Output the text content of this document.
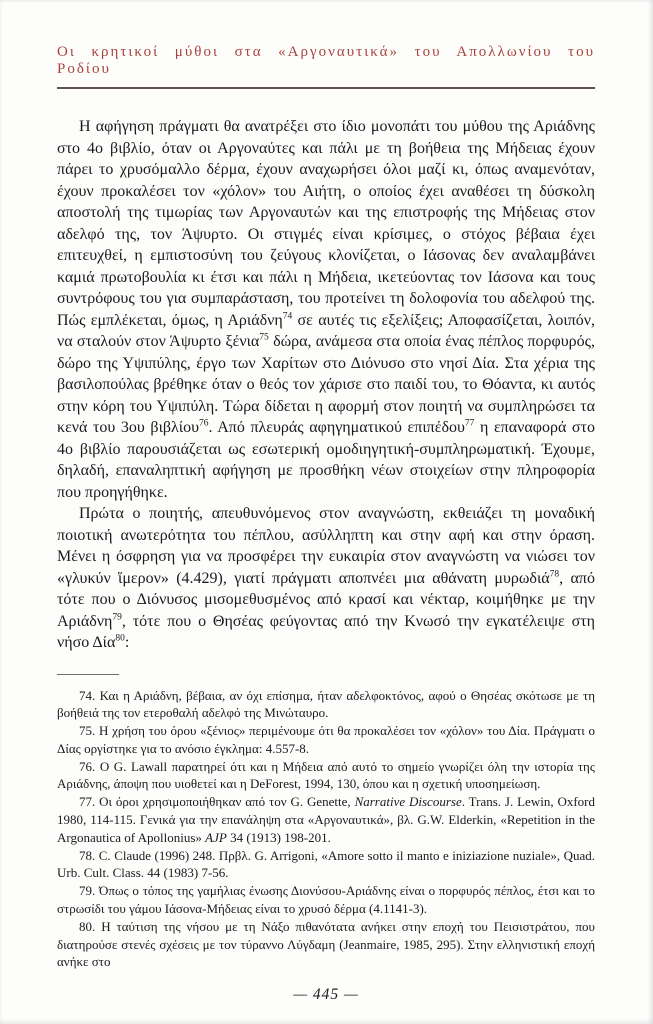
Οι κρητικοί μύθοι στα «Αργοναυτικά» του Απολλωνίου του Ροδίου

Η αφήγηση πράγματι θα ανατρέξει στο ίδιο μονοπάτι του μύθου της Αριάδνης στο 4ο βιβλίο, όταν οι Αργοναύτες και πάλι με τη βοήθεια της Μήδειας έχουν πάρει το χρυσόμαλλο δέρμα, έχουν αναχωρήσει όλοι μαζί κι, όπως αναμενόταν, έχουν προκαλέσει τον «χόλον» του Αιήτη, ο οποίος έχει αναθέσει τη δύσκολη αποστολή της τιμωρίας των Αργοναυτών και της επιστροφής της Μήδειας στον αδελφό της, τον Άψυρτο. Οι στιγμές είναι κρίσιμες, ο στόχος βέβαια έχει επιτευχθεί, η εμπιστοσύνη του ζεύγους κλονίζεται, ο Ιάσονας δεν αναλαμβάνει καμιά πρωτοβουλία κι έτσι και πάλι η Μήδεια, ικετεύοντας τον Ιάσονα και τους συντρόφους του για συμπαράσταση, του προτείνει τη δολοφονία του αδελφού της. Πώς εμπλέκεται, όμως, η Αριάδνη$^{74}$ σε αυτές τις εξελίξεις; Αποφασίζεται, λοιπόν, να σταλούν στον Άψυρτο ξένια$^{75}$ δώρα, ανάμεσα στα οποία ένας πέπλος πορφυρός, δώρο της Υψιπύλης, έργο των Χαρίτων στο Διόνυσο στο νησί Δία. Στα χέρια της βασιλοπούλας βρέθηκε όταν ο θεός τον χάρισε στο παιδί του, το Θόαντα, κι αυτός στην κόρη του Υψιπύλη. Τώρα δίδεται η αφορμή στον ποιητή να συμπληρώσει τα κενά του 3ου βιβλίου$^{76}$. Από πλευράς αφηγηματικού επιπέδου$^{77}$ η επαναφορά στο 4ο βιβλίο παρουσιάζεται ως εσωτερική ομοδιηγητική-συμπληρωματική. Έχουμε, δηλαδή, επαναληπτική αφήγηση με προσθήκη νέων στοιχείων στην πληροφορία που προηγήθηκε.

Πρώτα ο ποιητής, απευθυνόμενος στον αναγνώστη, εκθειάζει τη μοναδική ποιοτική ανωτερότητα του πέπλου, ασύλληπτη και στην αφή και στην όραση. Μένει η όσφρηση για να προσφέρει την ευκαιρία στον αναγνώστη να νιώσει τον «γλυκύν ἵμερον» (4.429), γιατί πράγματι αποπνέει μια αθάνατη μυρωδιά$^{78}$, από τότε που ο Διόνυσος μισομεθυσμένος από κρασί και νέκταρ, κοιμήθηκε με την Αριάδνη$^{79}$, τότε που ο Θησέας φεύγοντας από την Κνωσό την εγκατέλειψε στη νήσο Δία$^{80}$:

74. Και η Αριάδνη, βέβαια, αν όχι επίσημα, ήταν αδελφοκτόνος, αφού ο Θησέας σκότωσε με τη βοήθειά της τον ετεροθαλή αδελφό της Μινώταυρο.

75. Η χρήση του όρου «ξένιος» περιμένουμε ότι θα προκαλέσει τον «χόλον» του Δία. Πράγματι ο Δίας οργίστηκε για το ανόσιο έγκλημα: 4.557-8.

76. Ο G. Lawall παρατηρεί ότι και η Μήδεια από αυτό το σημείο γνωρίζει όλη την ιστορία της Αριάδνης, άποψη που υιοθετεί και η DeForest, 1994, 130, όπου και η σχετική υποσημείωση.

77. Οι όροι χρησιμοποιήθηκαν από τον G. Genette, Narrative Discourse. Trans. J. Lewin, Oxford 1980, 114-115. Γενικά για την επανάληψη στα «Αργοναυτικά», βλ. G.W. Elderkin, «Repetition in the Argonautica of Apollonius» AJP 34 (1913) 198-201.

78. C. Claude (1996) 248. Πρβλ. G. Arrigoni, «Amore sotto il manto e iniziazione nuziale», Quad. Urb. Cult. Class. 44 (1983) 7-56.

79. Όπως ο τόπος της γαμήλιας ένωσης Διονύσου-Αριάδνης είναι ο πορφυρός πέπλος, έτσι και το στρωσίδι του γάμου Ιάσονα-Μήδειας είναι το χρυσό δέρμα (4.1141-3).

80. Η ταύτιση της νήσου με τη Νάξο πιθανότατα ανήκει στην εποχή του Πεισιστράτου, που διατηρούσε στενές σχέσεις με τον τύραννο Λύγδαμη (Jeanmaire, 1985, 295). Στην ελληνιστική εποχή ανήκε στο

— 445 —
